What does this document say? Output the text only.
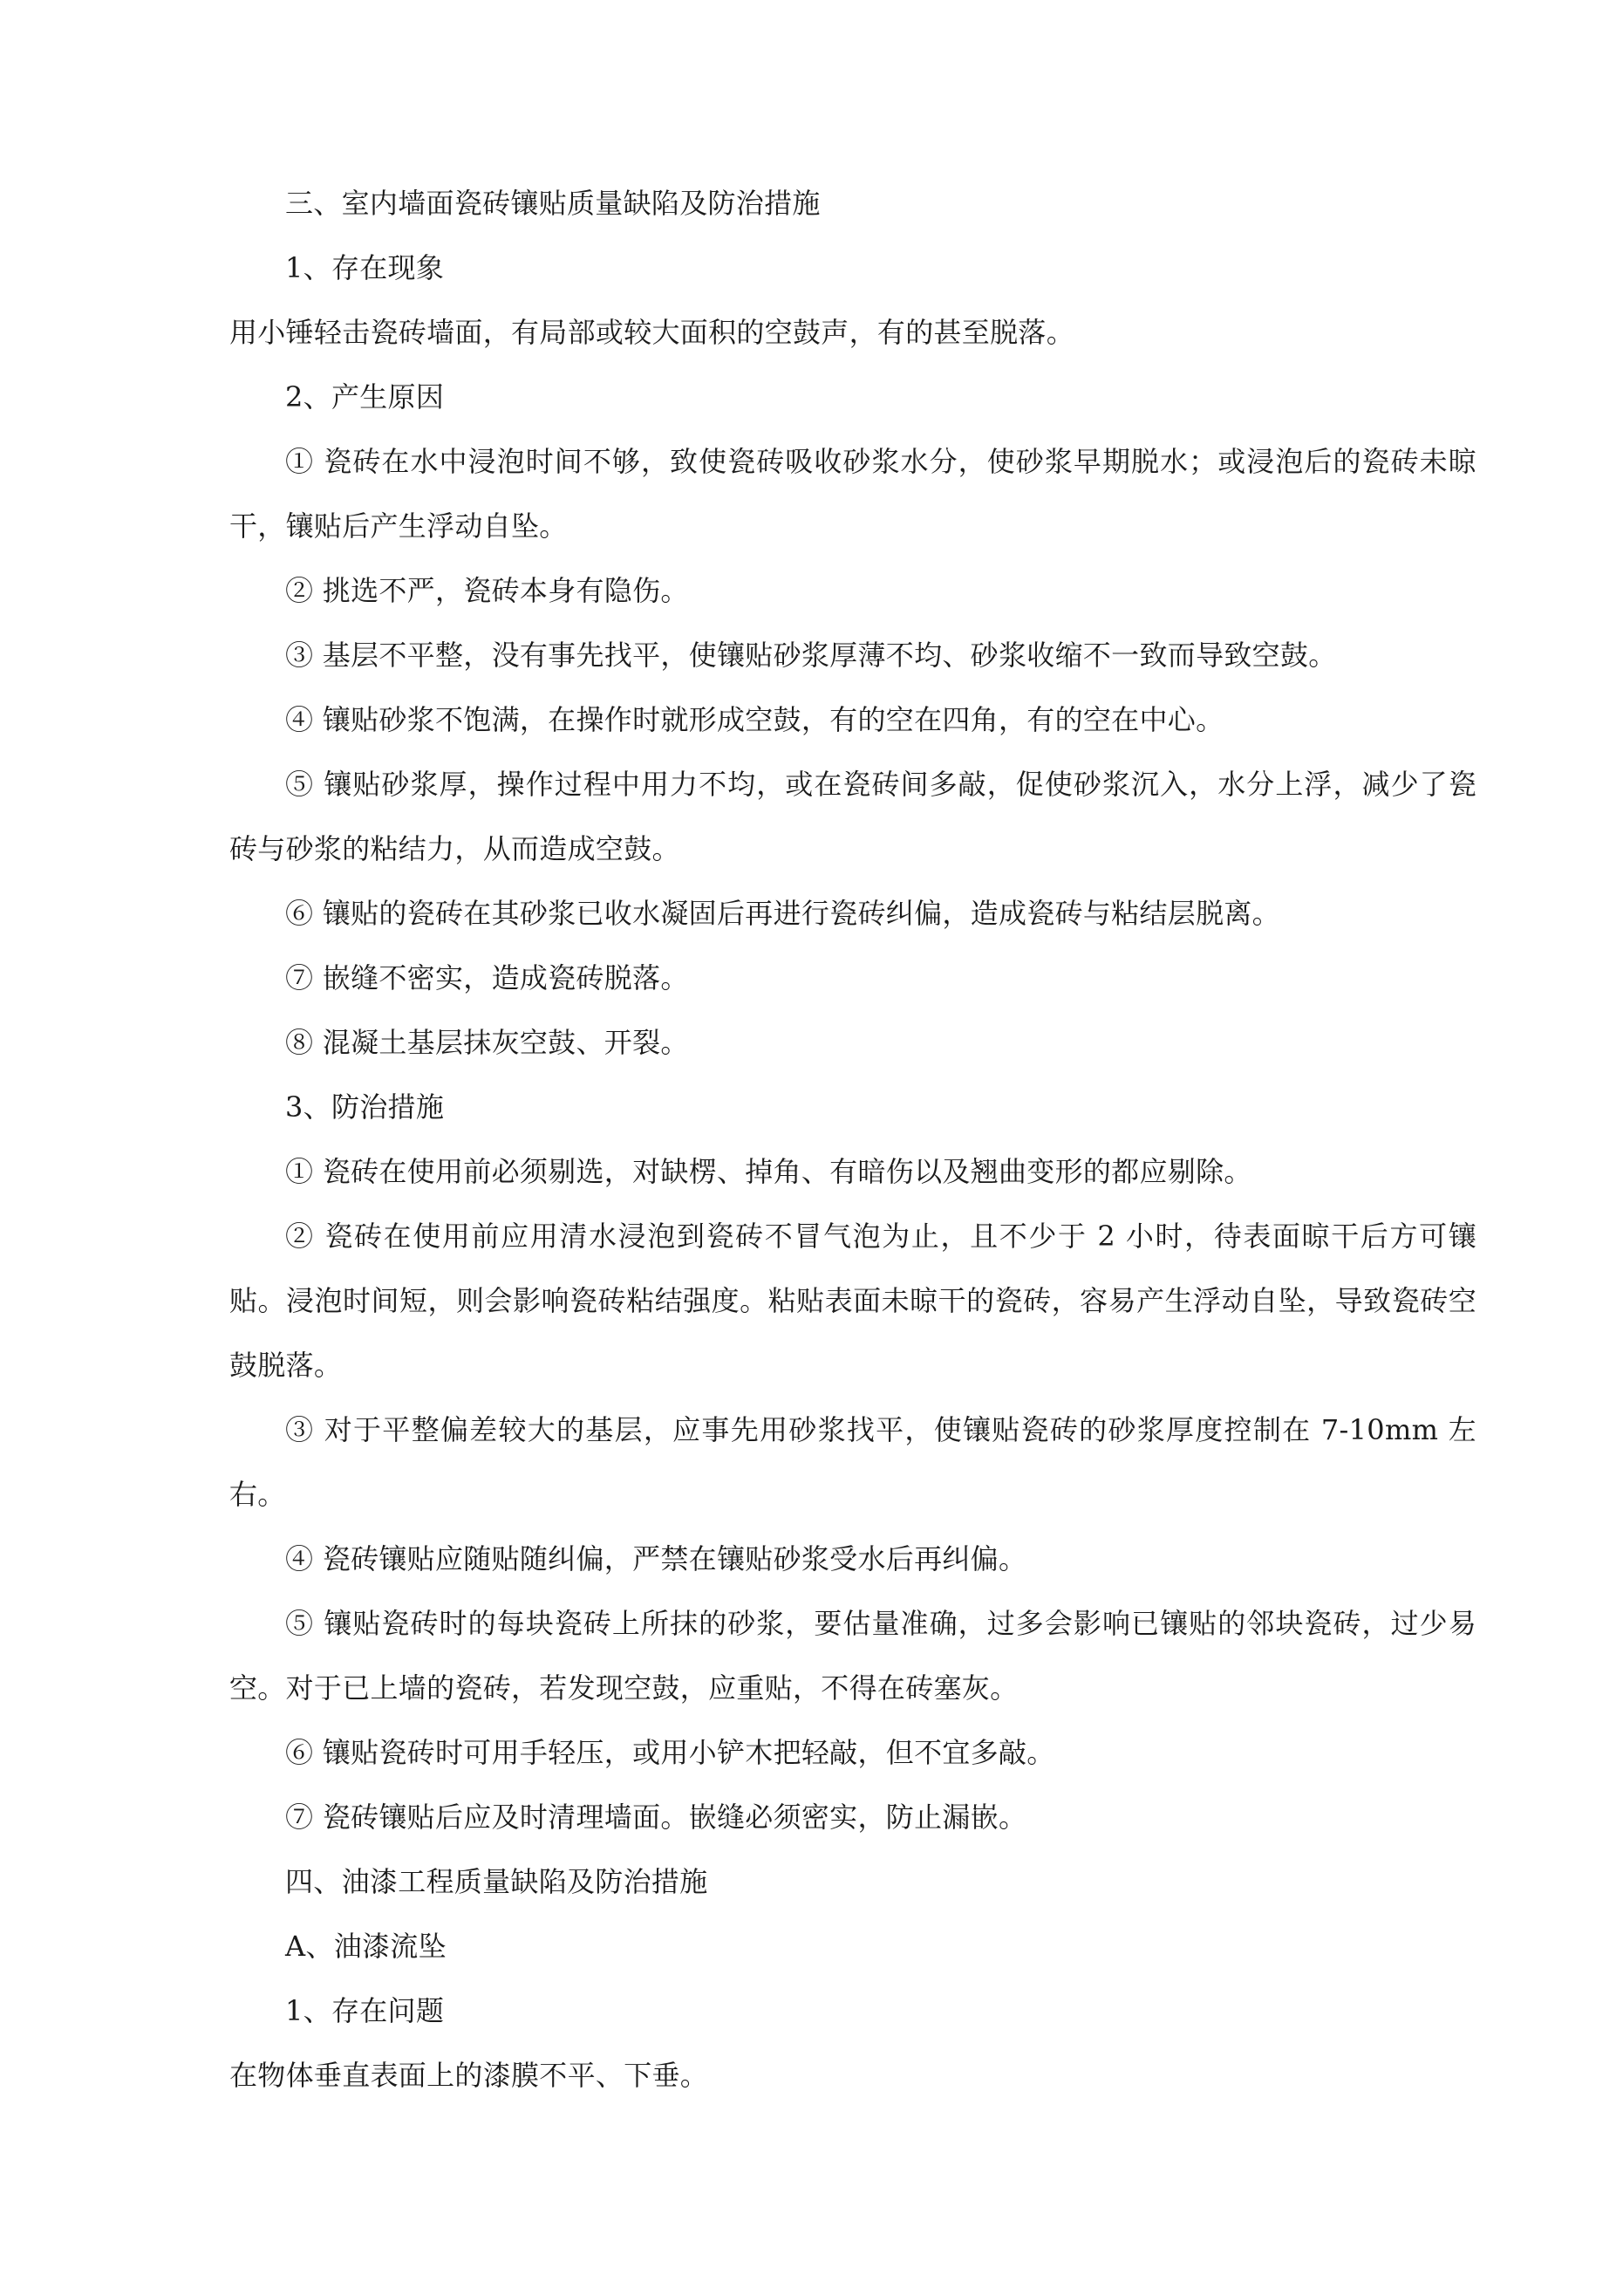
三、室内墙面瓷砖镶贴质量缺陷及防治措施

1、存在现象

用小锤轻击瓷砖墙面，有局部或较大面积的空鼓声，有的甚至脱落。

2、产生原因

① 瓷砖在水中浸泡时间不够，致使瓷砖吸收砂浆水分，使砂浆早期脱水；或浸泡后的瓷砖未晾干，镶贴后产生浮动自坠。

② 挑选不严，瓷砖本身有隐伤。

③ 基层不平整，没有事先找平，使镶贴砂浆厚薄不均、砂浆收缩不一致而导致空鼓。

④ 镶贴砂浆不饱满，在操作时就形成空鼓，有的空在四角，有的空在中心。

⑤ 镶贴砂浆厚，操作过程中用力不均，或在瓷砖间多敲，促使砂浆沉入，水分上浮，减少了瓷砖与砂浆的粘结力，从而造成空鼓。

⑥ 镶贴的瓷砖在其砂浆已收水凝固后再进行瓷砖纠偏，造成瓷砖与粘结层脱离。

⑦ 嵌缝不密实，造成瓷砖脱落。

⑧ 混凝土基层抹灰空鼓、开裂。

3、防治措施

① 瓷砖在使用前必须剔选，对缺楞、掉角、有暗伤以及翘曲变形的都应剔除。

② 瓷砖在使用前应用清水浸泡到瓷砖不冒气泡为止，且不少于 2 小时，待表面晾干后方可镶贴。浸泡时间短，则会影响瓷砖粘结强度。粘贴表面未晾干的瓷砖，容易产生浮动自坠，导致瓷砖空鼓脱落。

③ 对于平整偏差较大的基层，应事先用砂浆找平，使镶贴瓷砖的砂浆厚度控制在 7-10mm 左右。

④ 瓷砖镶贴应随贴随纠偏，严禁在镶贴砂浆受水后再纠偏。

⑤ 镶贴瓷砖时的每块瓷砖上所抹的砂浆，要估量准确，过多会影响已镶贴的邻块瓷砖，过少易空。对于已上墙的瓷砖，若发现空鼓，应重贴，不得在砖塞灰。

⑥ 镶贴瓷砖时可用手轻压，或用小铲木把轻敲，但不宜多敲。

⑦ 瓷砖镶贴后应及时清理墙面。嵌缝必须密实，防止漏嵌。

四、油漆工程质量缺陷及防治措施

A、油漆流坠

1、存在问题

在物体垂直表面上的漆膜不平、下垂。
